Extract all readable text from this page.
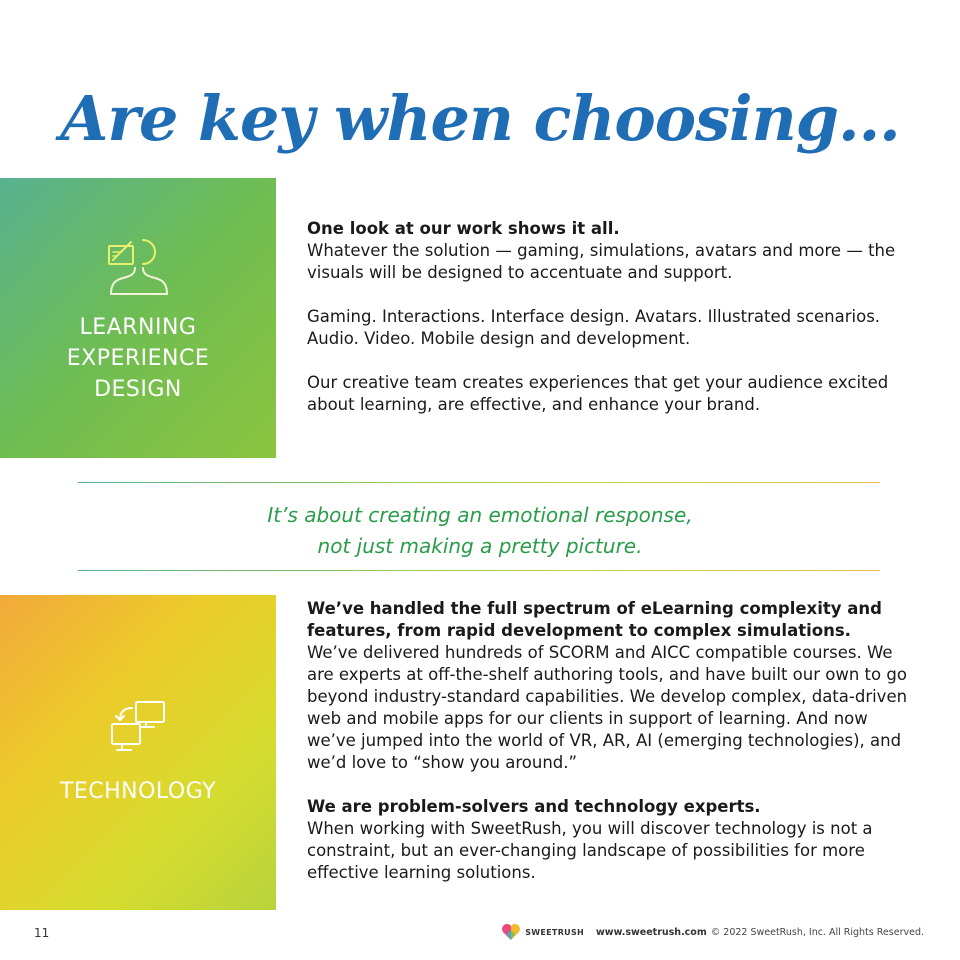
Are key when choosing...
LEARNING
EXPERIENCE
DESIGN

One look at our work shows it all.
Whatever the solution — gaming, simulations, avatars and more — the visuals will be designed to accentuate and support.

Gaming. Interactions. Interface design. Avatars. Illustrated scenarios. Audio. Video. Mobile design and development.

Our creative team creates experiences that get your audience excited about learning, are effective, and enhance your brand.

It’s about creating an emotional response,
not just making a pretty picture.
TECHNOLOGY

We’ve handled the full spectrum of eLearning complexity and features, from rapid development to complex simulations.
We’ve delivered hundreds of SCORM and AICC compatible courses. We are experts at off-the-shelf authoring tools, and have built our own to go beyond industry-standard capabilities. We develop complex, data-driven web and mobile apps for our clients in support of learning. And now we’ve jumped into the world of VR, AR, AI (emerging technologies), and we’d love to “show you around.”

We are problem-solvers and technology experts.
When working with SweetRush, you will discover technology is not a constraint, but an ever-changing landscape of possibilities for more effective learning solutions.

11	SWEETRUSH www.sweetrush.com © 2022 SweetRush, Inc. All Rights Reserved.
